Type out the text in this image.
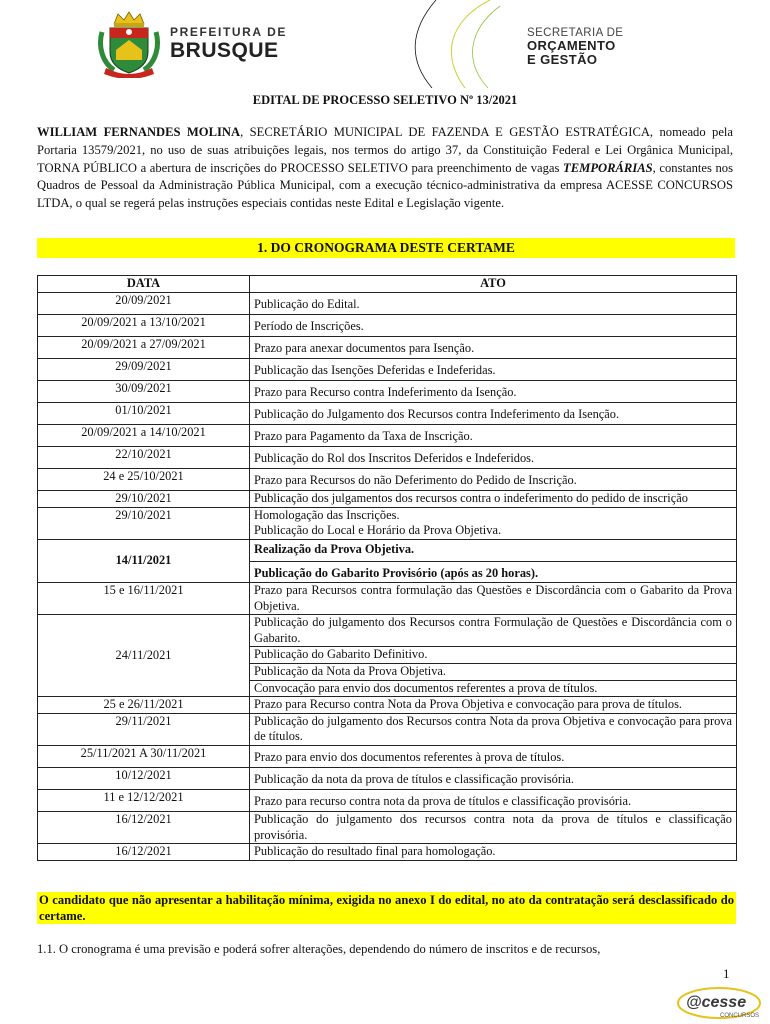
PREFEITURA DE
BRUSQUE
SECRETARIA DE
ORÇAMENTO
E GESTÃO
EDITAL DE PROCESSO SELETIVO Nº 13/2021
WILLIAM FERNANDES MOLINA, SECRETÁRIO MUNICIPAL DE FAZENDA E GESTÃO ESTRATÉGICA, nomeado pela Portaria 13579/2021, no uso de suas atribuições legais, nos termos do artigo 37, da Constituição Federal e Lei Orgânica Municipal, TORNA PÚBLICO a abertura de inscrições do PROCESSO SELETIVO para preenchimento de vagas TEMPORÁRIAS, constantes nos Quadros de Pessoal da Administração Pública Municipal, com a execução técnico-administrativa da empresa ACESSE CONCURSOS LTDA, o qual se regerá pelas instruções especiais contidas neste Edital e Legislação vigente.
1. DO CRONOGRAMA DESTE CERTAME
DATA	ATO
20/09/2021	Publicação do Edital.
20/09/2021 a 13/10/2021	Período de Inscrições.
20/09/2021 a 27/09/2021	Prazo para anexar documentos para Isenção.
29/09/2021	Publicação das Isenções Deferidas e Indeferidas.
30/09/2021	Prazo para Recurso contra Indeferimento da Isenção.
01/10/2021	Publicação do Julgamento dos Recursos contra Indeferimento da Isenção.
20/09/2021 a 14/10/2021	Prazo para Pagamento da Taxa de Inscrição.
22/10/2021	Publicação do Rol dos Inscritos Deferidos e Indeferidos.
24 e 25/10/2021	Prazo para Recursos do não Deferimento do Pedido de Inscrição.
29/10/2021	Publicação dos julgamentos dos recursos contra o indeferimento do pedido de inscrição
29/10/2021	Homologação das Inscrições.
Publicação do Local e Horário da Prova Objetiva.

14/11/2021	Realização da Prova Objetiva.
Publicação do Gabarito Provisório (após as 20 horas).

15 e 16/11/2021	Prazo para Recursos contra formulação das Questões e Discordância com o Gabarito da Prova Objetiva.
24/11/2021	Publicação do julgamento dos Recursos contra Formulação de Questões e Discordância com o Gabarito.
Publicação do Gabarito Definitivo.
Publicação da Nota da Prova Objetiva.
Convocação para envio dos documentos referentes a prova de títulos.

25 e 26/11/2021	Prazo para Recurso contra Nota da Prova Objetiva e convocação para prova de títulos.
29/11/2021	Publicação do julgamento dos Recursos contra Nota da prova Objetiva e convocação para prova de títulos.
25/11/2021 A 30/11/2021	Prazo para envio dos documentos referentes à prova de títulos.
10/12/2021	Publicação da nota da prova de títulos e classificação provisória.
11 e 12/12/2021	Prazo para recurso contra nota da prova de títulos e classificação provisória.
16/12/2021	Publicação do julgamento dos recursos contra nota da prova de títulos e classificação provisória.
16/12/2021	Publicação do resultado final para homologação.
O candidato que não apresentar a habilitação mínima, exigida no anexo I do edital, no ato da contratação será desclassificado do certame.
1.1. O cronograma é uma previsão e poderá sofrer alterações, dependendo do número de inscritos e de recursos,
1
@cesse
CONCURSOS
